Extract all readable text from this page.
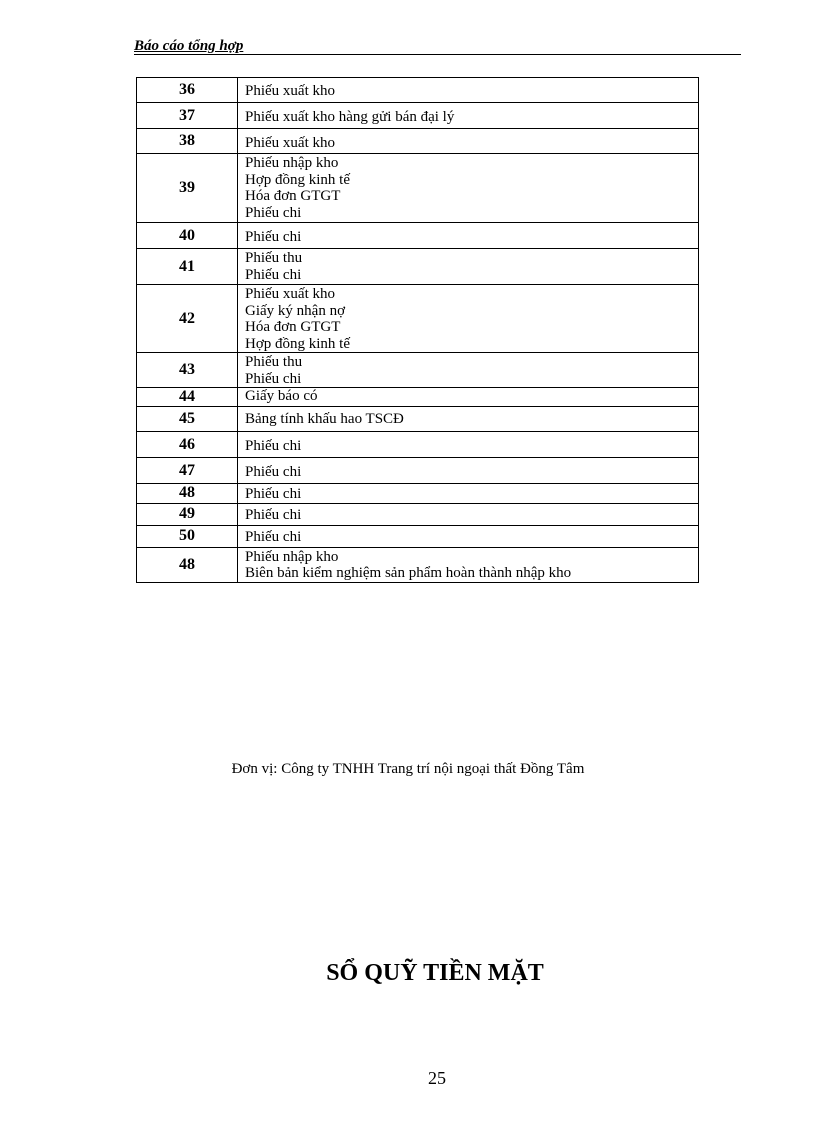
Báo cáo tổng hợp
36	Phiếu xuất kho

37	Phiếu xuất kho hàng gửi bán đại lý

38	Phiếu xuất kho

39	Phiếu nhập kho
Hợp đồng kinh tế
Hóa đơn GTGT
Phiếu chi

40	Phiếu chi

41	Phiếu thu
Phiếu chi

42	Phiếu xuất kho
Giấy ký nhận nợ
Hóa đơn GTGT
Hợp đồng kinh tế

43	Phiếu thu
Phiếu chi

44	Giấy báo có

45	Bảng tính khấu hao TSCĐ

46	Phiếu chi

47	Phiếu chi

48	Phiếu chi

49	Phiếu chi

50	Phiếu chi

48	Phiếu nhập kho
Biên bản kiểm nghiệm sản phẩm hoàn thành nhập kho
Đơn vị: Công ty TNHH Trang trí nội ngoại thất Đồng Tâm
SỔ QUỸ TIỀN MẶT
25
